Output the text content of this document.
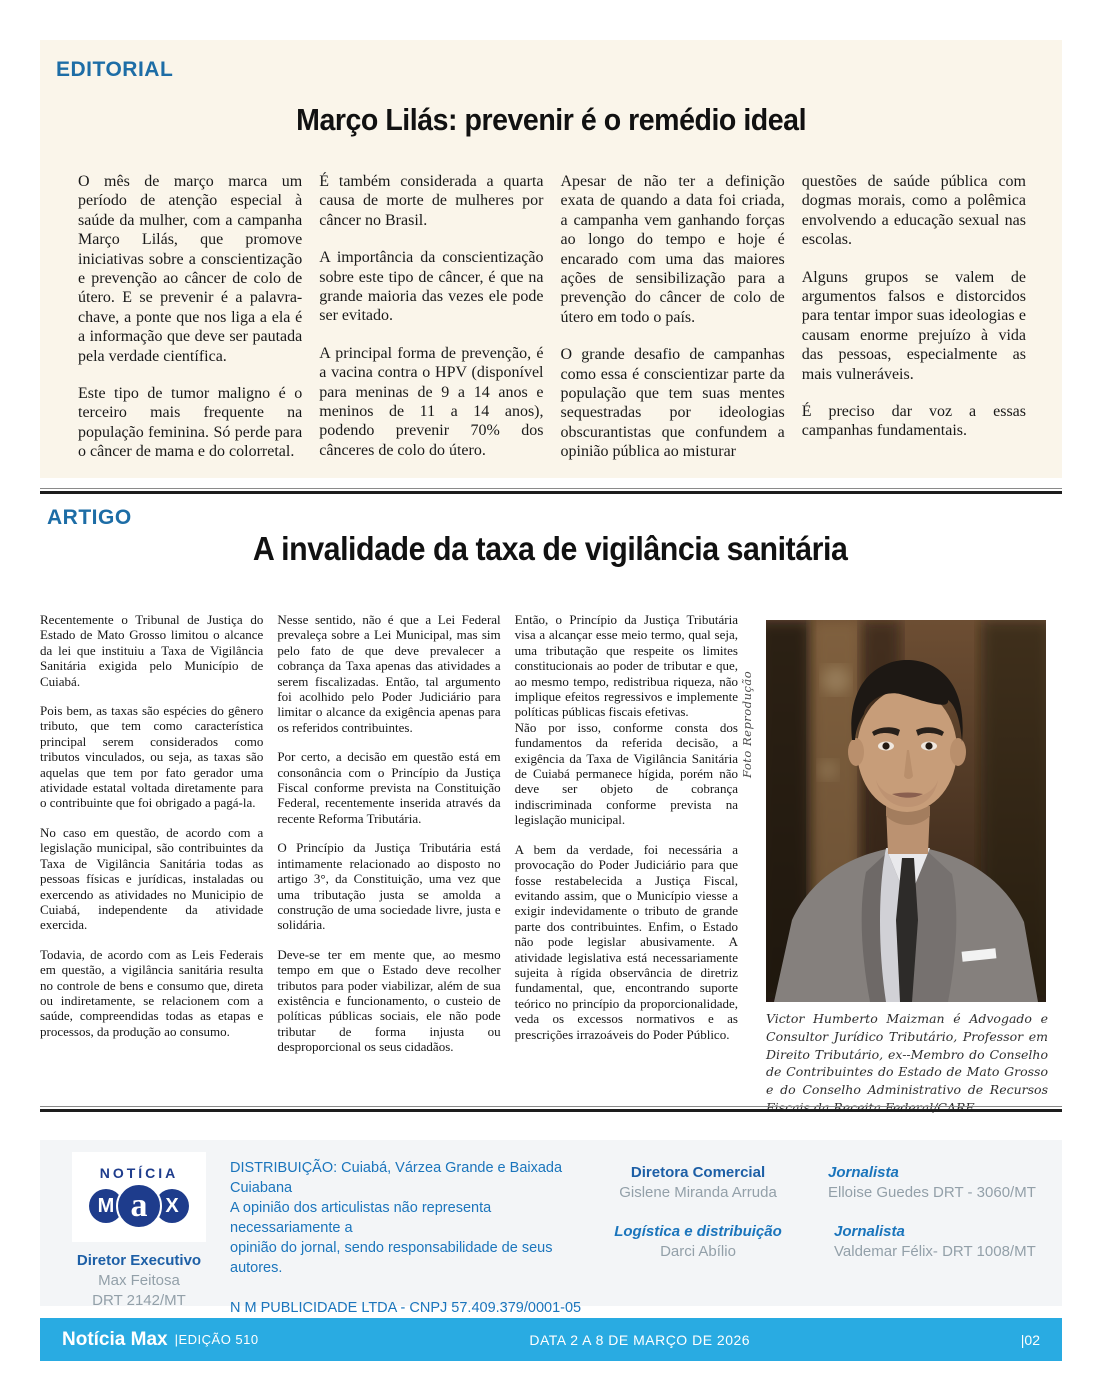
EDITORIAL
Março Lilás: prevenir é o remédio ideal

O mês de março marca um período de atenção especial à saúde da mulher, com a campanha Março Lilás, que promove iniciativas sobre a conscientização e prevenção ao câncer de colo de útero. E se prevenir é a palavra-chave, a ponte que nos liga a ela é a informação que deve ser pautada pela verdade científica.

Este tipo de tumor maligno é o terceiro mais frequente na população feminina. Só perde para o câncer de mama e do colorretal.

É também considerada a quarta causa de morte de mulheres por câncer no Brasil.

A importância da conscientização sobre este tipo de câncer, é que na grande maioria das vezes ele pode ser evitado.

A principal forma de prevenção, é a vacina contra o HPV (disponível para meninas de 9 a 14 anos e meninos de 11 a 14 anos), podendo prevenir 70% dos cânceres de colo do útero.

Apesar de não ter a definição exata de quando a data foi criada, a campanha vem ganhando forças ao longo do tempo e hoje é encarado com uma das maiores ações de sensibilização para a prevenção do câncer de colo de útero em todo o país.

O grande desafio de campanhas como essa é conscientizar parte da população que tem suas mentes sequestradas por ideologias obscurantistas que confundem a opinião pública ao misturar

questões de saúde pública com dogmas morais, como a polêmica envolvendo a educação sexual nas escolas.

Alguns grupos se valem de argumentos falsos e distorcidos para tentar impor suas ideologias e causam enorme prejuízo à vida das pessoas, especialmente as mais vulneráveis.

É preciso dar voz a essas campanhas fundamentais.

ARTIGO
A invalidade da taxa de vigilância sanitária

Recentemente o Tribunal de Justiça do Estado de Mato Grosso limitou o alcance da lei que instituiu a Taxa de Vigilância Sanitária exigida pelo Município de Cuiabá.

Pois bem, as taxas são espécies do gênero tributo, que tem como característica principal serem considerados como tributos vinculados, ou seja, as taxas são aquelas que tem por fato gerador uma atividade estatal voltada diretamente para o contribuinte que foi obrigado a pagá-la.

No caso em questão, de acordo com a legislação municipal, são contribuintes da Taxa de Vigilância Sanitária todas as pessoas físicas e jurídicas, instaladas ou exercendo as atividades no Municipio de Cuiabá, independente da atividade exercida.

Todavia, de acordo com as Leis Federais em questão, a vigilância sanitária resulta no controle de bens e consumo que, direta ou indiretamente, se relacionem com a saúde, compreendidas todas as etapas e processos, da produção ao consumo.

Nesse sentido, não é que a Lei Federal prevaleça sobre a Lei Municipal, mas sim pelo fato de que deve prevalecer a cobrança da Taxa apenas das atividades a serem fiscalizadas. Então, tal argumento foi acolhido pelo Poder Judiciário para limitar o alcance da exigência apenas para os referidos contribuintes.

Por certo, a decisão em questão está em consonância com o Princípio da Justiça Fiscal conforme prevista na Constituição Federal, recentemente inserida através da recente Reforma Tributária.

O Princípio da Justiça Tributária está intimamente relacionado ao disposto no artigo 3°, da Constituição, uma vez que uma tributação justa se amolda a construção de uma sociedade livre, justa e solidária.

Deve-se ter em mente que, ao mesmo tempo em que o Estado deve recolher tributos para poder viabilizar, além de sua existência e funcionamento, o custeio de políticas públicas sociais, ele não pode tributar de forma injusta ou desproporcional os seus cidadãos.

Então, o Princípio da Justiça Tributária visa a alcançar esse meio termo, qual seja, uma tributação que respeite os limites constitucionais ao poder de tributar e que, ao mesmo tempo, redistribua riqueza, não implique efeitos regressivos e implemente políticas públicas fiscais efetivas.

Não por isso, conforme consta dos fundamentos da referida decisão, a exigência da Taxa de Vigilância Sanitária de Cuiabá permanece hígida, porém não deve ser objeto de cobrança indiscriminada conforme prevista na legislação municipal.

A bem da verdade, foi necessária a provocação do Poder Judiciário para que fosse restabelecida a Justiça Fiscal, evitando assim, que o Município viesse a exigir indevidamente o tributo de grande parte dos contribuintes. Enfim, o Estado não pode legislar abusivamente. A atividade legislativa está necessariamente sujeita à rígida observância de diretriz fundamental, que, encontrando suporte teórico no princípio da proporcionalidade, veda os excessos normativos e as prescrições irrazoáveis do Poder Público.

Foto Reprodução
Victor Humberto Maizman é Advogado e Consultor Jurídico Tributário, Professor em Direito Tributário, ex--Membro do Conselho de Contribuintes do Estado de Mato Grosso e do Conselho Administrativo de Recursos Fiscais da Receita Federal/CARF
NOTÍCIA
M a X
Diretor Executivo
Max Feitosa
DRT 2142/MT
DISTRIBUIÇÃO: Cuiabá, Várzea Grande e Baixada Cuiabana
A opinião dos articulistas não representa necessariamente a
opinião do jornal, sendo responsabilidade de seus autores.
N M PUBLICIDADE LTDA - CNPJ 57.409.379/0001-05
Diretora Comercial
Gislene Miranda Arruda
Logística e distribuição
Darci Abílio
Jornalista
Elloise Guedes DRT - 3060/MT
Jornalista
Valdemar Félix- DRT 1008/MT
Notícia Max |EDIÇÃO 510	DATA 2 A 8 DE MARÇO DE 2026	|02
